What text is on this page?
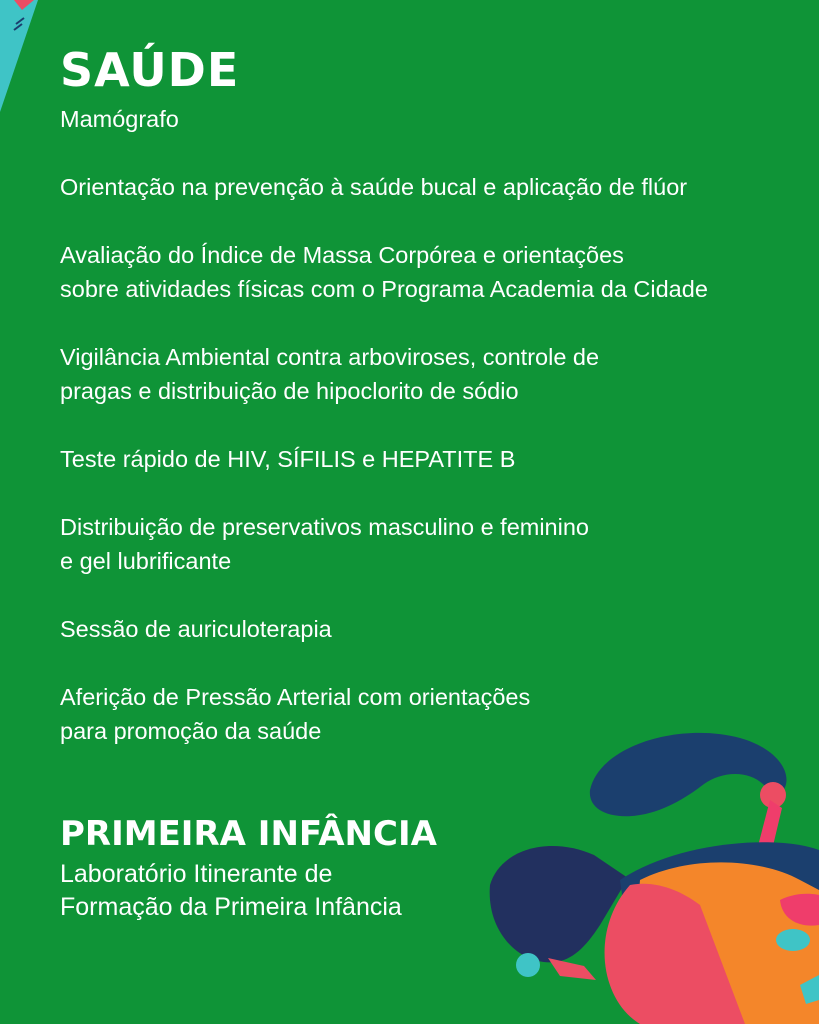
SAÚDE
Mamógrafo
Orientação na prevenção à saúde bucal e aplicação de flúor
Avaliação do Índice de Massa Corpórea e orientações
sobre atividades físicas com o Programa Academia da Cidade
Vigilância Ambiental contra arboviroses, controle de
pragas e distribuição de hipoclorito de sódio
Teste rápido de HIV, SÍFILIS e HEPATITE B
Distribuição de preservativos masculino e feminino
e gel lubrificante
Sessão de auriculoterapia
Aferição de Pressão Arterial com orientações
para promoção da saúde
PRIMEIRA INFÂNCIA
Laboratório Itinerante de
Formação da Primeira Infância
